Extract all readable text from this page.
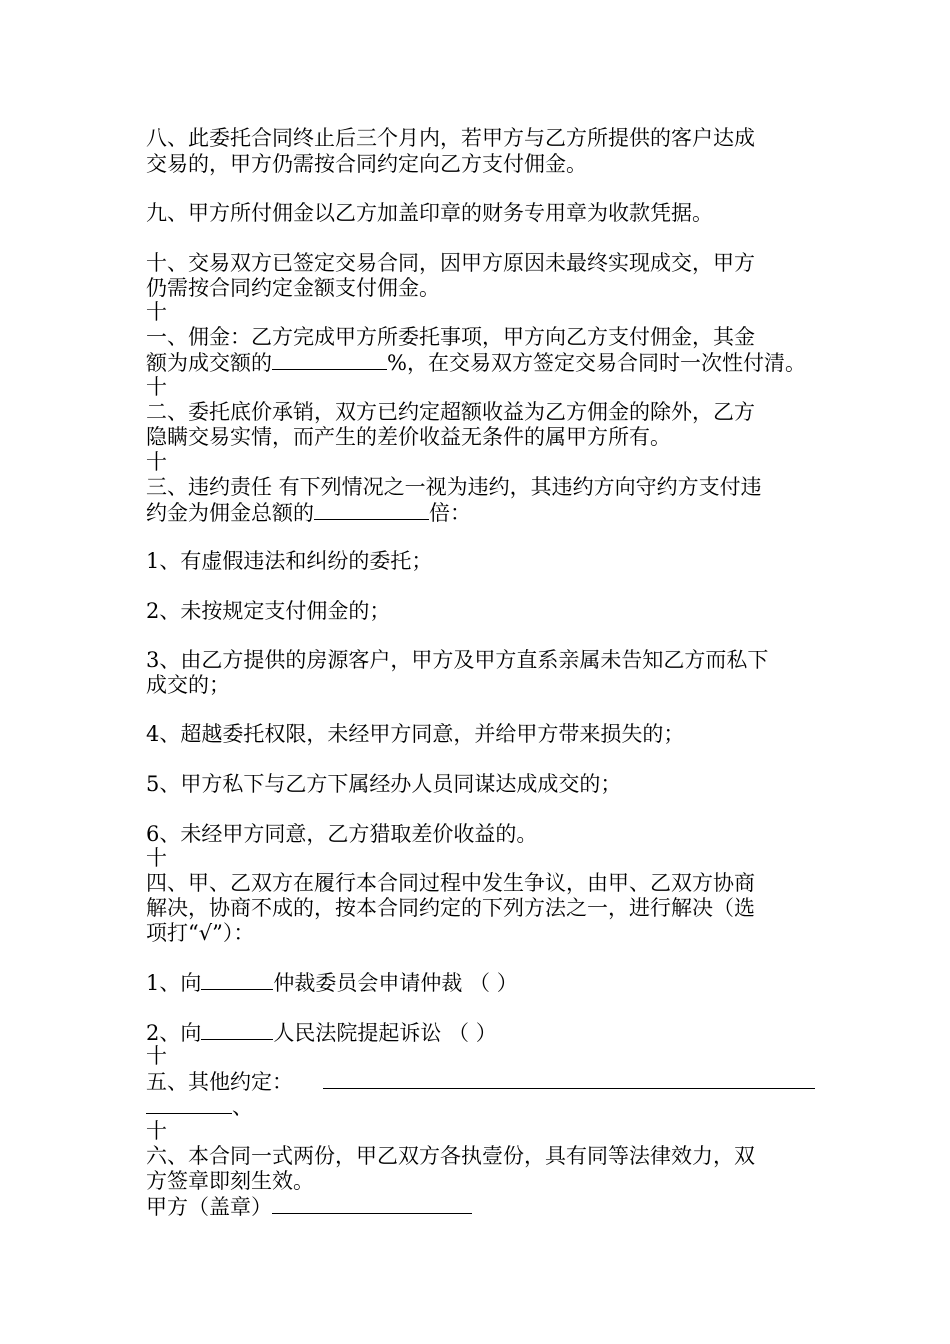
八、此委托合同终止后三个月内，若甲方与乙方所提供的客户达成

交易的，甲方仍需按合同约定向乙方支付佣金。

九、甲方所付佣金以乙方加盖印章的财务专用章为收款凭据。

十、交易双方已签定交易合同，因甲方原因未最终实现成交，甲方

仍需按合同约定金额支付佣金。

十

一、佣金：乙方完成甲方所委托事项，甲方向乙方支付佣金，其金

额为成交额的	%，在交易双方签定交易合同时一次性付清。

十

二、委托底价承销，双方已约定超额收益为乙方佣金的除外，乙方

隐瞒交易实情，而产生的差价收益无条件的属甲方所有。

十

三、违约责任 有下列情况之一视为违约，其违约方向守约方支付违

约金为佣金总额的	倍：

1、有虚假违法和纠纷的委托；

2、未按规定支付佣金的；

3、由乙方提供的房源客户，甲方及甲方直系亲属未告知乙方而私下

成交的；

4、超越委托权限，未经甲方同意，并给甲方带来损失的；

5、甲方私下与乙方下属经办人员同谋达成成交的；

6、未经甲方同意，乙方猎取差价收益的。

十

四、甲、乙双方在履行本合同过程中发生争议，由甲、乙双方协商

解决，协商不成的，按本合同约定的下列方法之一，进行解决（选

项打“√”）：

1、向	仲裁委员会申请仲裁 （ ）

2、向	人民法院提起诉讼 （ ）

十

五、其他约定：

、

十

六、本合同一式两份，甲乙双方各执壹份，具有同等法律效力，双

方签章即刻生效。

甲方（盖章）
